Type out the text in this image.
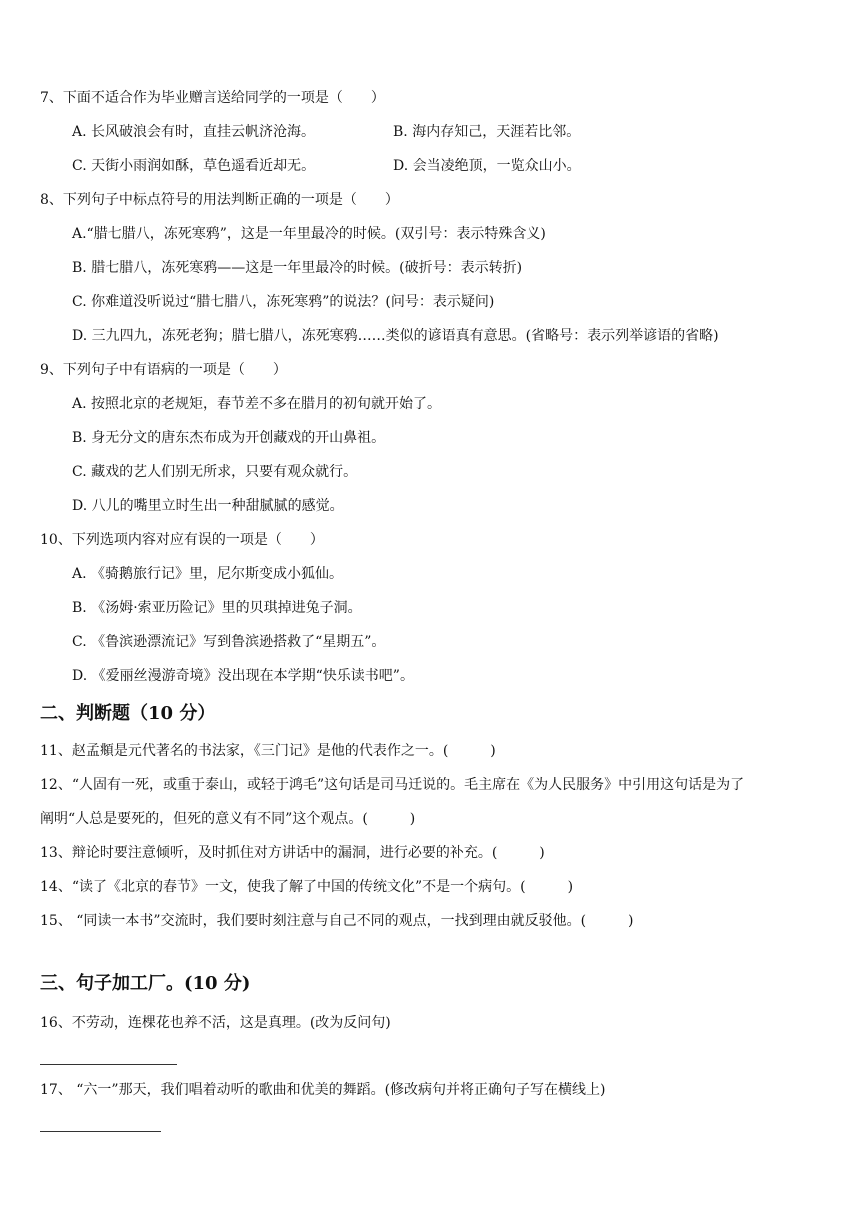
7、下面不适合作为毕业赠言送给同学的一项是（　　）
A. 长风破浪会有时，直挂云帆济沧海。	B. 海内存知己，天涯若比邻。
C. 天街小雨润如酥，草色遥看近却无。	D. 会当凌绝顶，一览众山小。
8、下列句子中标点符号的用法判断正确的一项是（　　）
A.“腊七腊八，冻死寒鸦”，这是一年里最冷的时候。(双引号：表示特殊含义)
B. 腊七腊八，冻死寒鸦——这是一年里最冷的时候。(破折号：表示转折)
C. 你难道没听说过“腊七腊八，冻死寒鸦”的说法？(问号：表示疑问)
D. 三九四九，冻死老狗；腊七腊八，冻死寒鸦……类似的谚语真有意思。(省略号：表示列举谚语的省略)
9、下列句子中有语病的一项是（　　）
A. 按照北京的老规矩，春节差不多在腊月的初旬就开始了。
B. 身无分文的唐东杰布成为开创藏戏的开山鼻祖。
C. 藏戏的艺人们别无所求，只要有观众就行。
D. 八儿的嘴里立时生出一种甜腻腻的感觉。
10、下列选项内容对应有误的一项是（　　）
A. 《骑鹅旅行记》里，尼尔斯变成小狐仙。
B. 《汤姆·索亚历险记》里的贝琪掉进兔子洞。
C. 《鲁滨逊漂流记》写到鲁滨逊搭救了“星期五”。
D. 《爱丽丝漫游奇境》没出现在本学期“快乐读书吧”。
二、判断题（10 分）
11、赵孟頫是元代著名的书法家，《三门记》是他的代表作之一。(　　　)
12、“人固有一死，或重于泰山，或轻于鸿毛”这句话是司马迁说的。毛主席在《为人民服务》中引用这句话是为了
阐明“人总是要死的，但死的意义有不同”这个观点。(　　　)
13、辩论时要注意倾听，及时抓住对方讲话中的漏洞，进行必要的补充。(　　　)
14、“读了《北京的春节》一文，使我了解了中国的传统文化”不是一个病句。(　　　)
15、 “同读一本书”交流时，我们要时刻注意与自己不同的观点，一找到理由就反驳他。(　　　)
三、句子加工厂。(10 分)
16、不劳动，连棵花也养不活，这是真理。(改为反问句)
17、 “六一”那天，我们唱着动听的歌曲和优美的舞蹈。(修改病句并将正确句子写在横线上)
